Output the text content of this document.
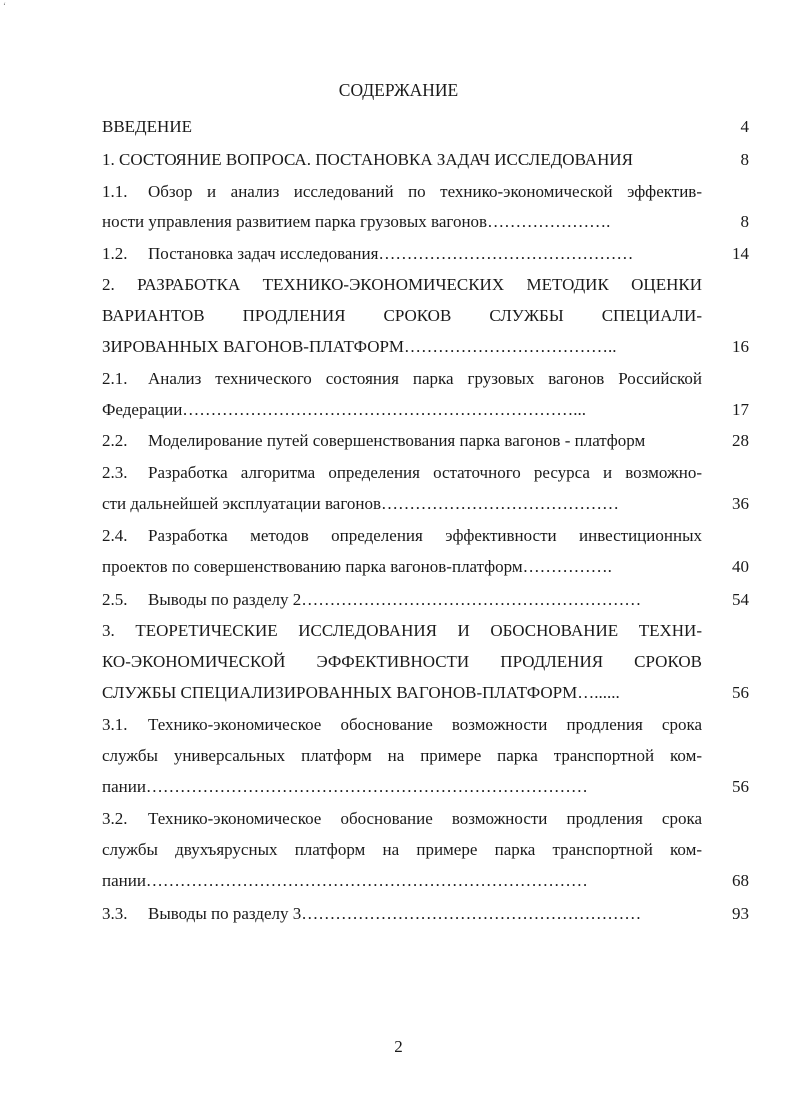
‘
СОДЕРЖАНИЕ
ВВЕДЕНИЕ	4
1. СОСТОЯНИЕ ВОПРОСА. ПОСТАНОВКА ЗАДАЧ ИССЛЕДОВАНИЯ	8
1.1. Обзор и анализ исследований по технико-экономической эффектив-
ности управления развитием парка грузовых вагонов………………….	8
1.2. Постановка задач исследования………………………………………	14
2. РАЗРАБОТКА ТЕХНИКО-ЭКОНОМИЧЕСКИХ МЕТОДИК ОЦЕНКИ
ВАРИАНТОВ ПРОДЛЕНИЯ СРОКОВ СЛУЖБЫ СПЕЦИАЛИ-
ЗИРОВАННЫХ ВАГОНОВ-ПЛАТФОРМ………………………………..	16
2.1. Анализ технического состояния парка грузовых вагонов Российской
Федерации……………………………………………………………...	17
2.2. Моделирование путей совершенствования парка вагонов - платформ	28
2.3. Разработка алгоритма определения остаточного ресурса и возможно-
сти дальнейшей эксплуатации вагонов……………………………………	36
2.4. Разработка методов определения эффективности инвестиционных
проектов по совершенствованию парка вагонов-платформ…………….	40
2.5. Выводы по разделу 2……………………………………………………	54
3. ТЕОРЕТИЧЕСКИЕ ИССЛЕДОВАНИЯ И ОБОСНОВАНИЕ ТЕХНИ-
КО-ЭКОНОМИЧЕСКОЙ ЭФФЕКТИВНОСТИ ПРОДЛЕНИЯ СРОКОВ
СЛУЖБЫ СПЕЦИАЛИЗИРОВАННЫХ ВАГОНОВ-ПЛАТФОРМ…......	56
3.1. Технико-экономическое обоснование возможности продления срока
службы универсальных платформ на примере парка транспортной ком-
пании……………………………………………………………………	56
3.2. Технико-экономическое обоснование возможности продления срока
службы двухъярусных платформ на примере парка транспортной ком-
пании……………………………………………………………………	68
3.3. Выводы по разделу 3……………………………………………………	93
2
